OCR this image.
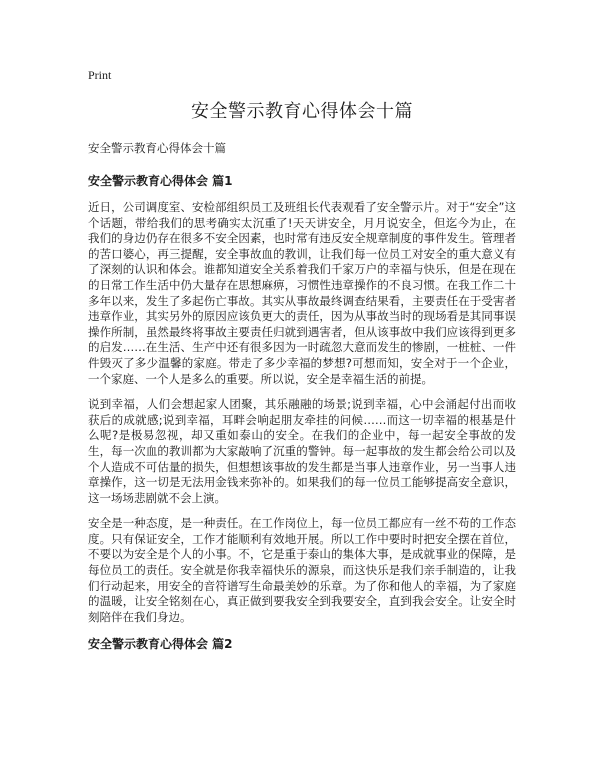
Print
安全警示教育心得体会十篇

安全警示教育心得体会十篇

安全警示教育心得体会 篇1

近日，公司调度室、安检部组织员工及班组长代表观看了安全警示片。对于“安全”这个话题，带给我们的思考确实太沉重了!天天讲安全，月月说安全，但迄今为止，在我们的身边仍存在很多不安全因素，也时常有违反安全规章制度的事件发生。管理者的苦口婆心，再三提醒，安全事故血的教训，让我们每一位员工对安全的重大意义有了深刻的认识和体会。谁都知道安全关系着我们千家万户的幸福与快乐，但是在现在的日常工作生活中仍大量存在思想麻痹，习惯性违章操作的不良习惯。在我工作二十多年以来，发生了多起伤亡事故。其实从事故最终调查结果看，主要责任在于受害者违章作业，其实另外的原因应该负更大的责任，因为从事故当时的现场看是其同事误操作所制，虽然最终将事故主要责任归就到遇害者，但从该事故中我们应该得到更多的启发……在生活、生产中还有很多因为一时疏忽大意而发生的惨剧，一桩桩、一件件毁灭了多少温馨的家庭。带走了多少幸福的梦想?可想而知，安全对于一个企业，一个家庭、一个人是多么的重要。所以说，安全是幸福生活的前提。

说到幸福，人们会想起家人团聚，其乐融融的场景;说到幸福，心中会涌起付出而收获后的成就感;说到幸福，耳畔会响起朋友牵挂的问候……而这一切幸福的根基是什么呢?是极易忽视，却又重如泰山的安全。在我们的企业中，每一起安全事故的发生，每一次血的教训都为大家敲响了沉重的警钟。每一起事故的发生都会给公司以及个人造成不可估量的损失，但想想该事故的发生都是当事人违章作业，另一当事人违章操作，这一切是无法用金钱来弥补的。如果我们的每一位员工能够提高安全意识，这一场场悲剧就不会上演。

安全是一种态度，是一种责任。在工作岗位上，每一位员工都应有一丝不苟的工作态度。只有保证安全，工作才能顺利有效地开展。所以工作中要时时把安全摆在首位，不要以为安全是个人的小事。不，它是重于泰山的集体大事，是成就事业的保障，是每位员工的责任。安全就是你我幸福快乐的源泉，而这快乐是我们亲手制造的，让我们行动起来，用安全的音符谱写生命最美妙的乐章。为了你和他人的幸福，为了家庭的温暖，让安全铭刻在心，真正做到要我安全到我要安全，直到我会安全。让安全时刻陪伴在我们身边。

安全警示教育心得体会 篇2
